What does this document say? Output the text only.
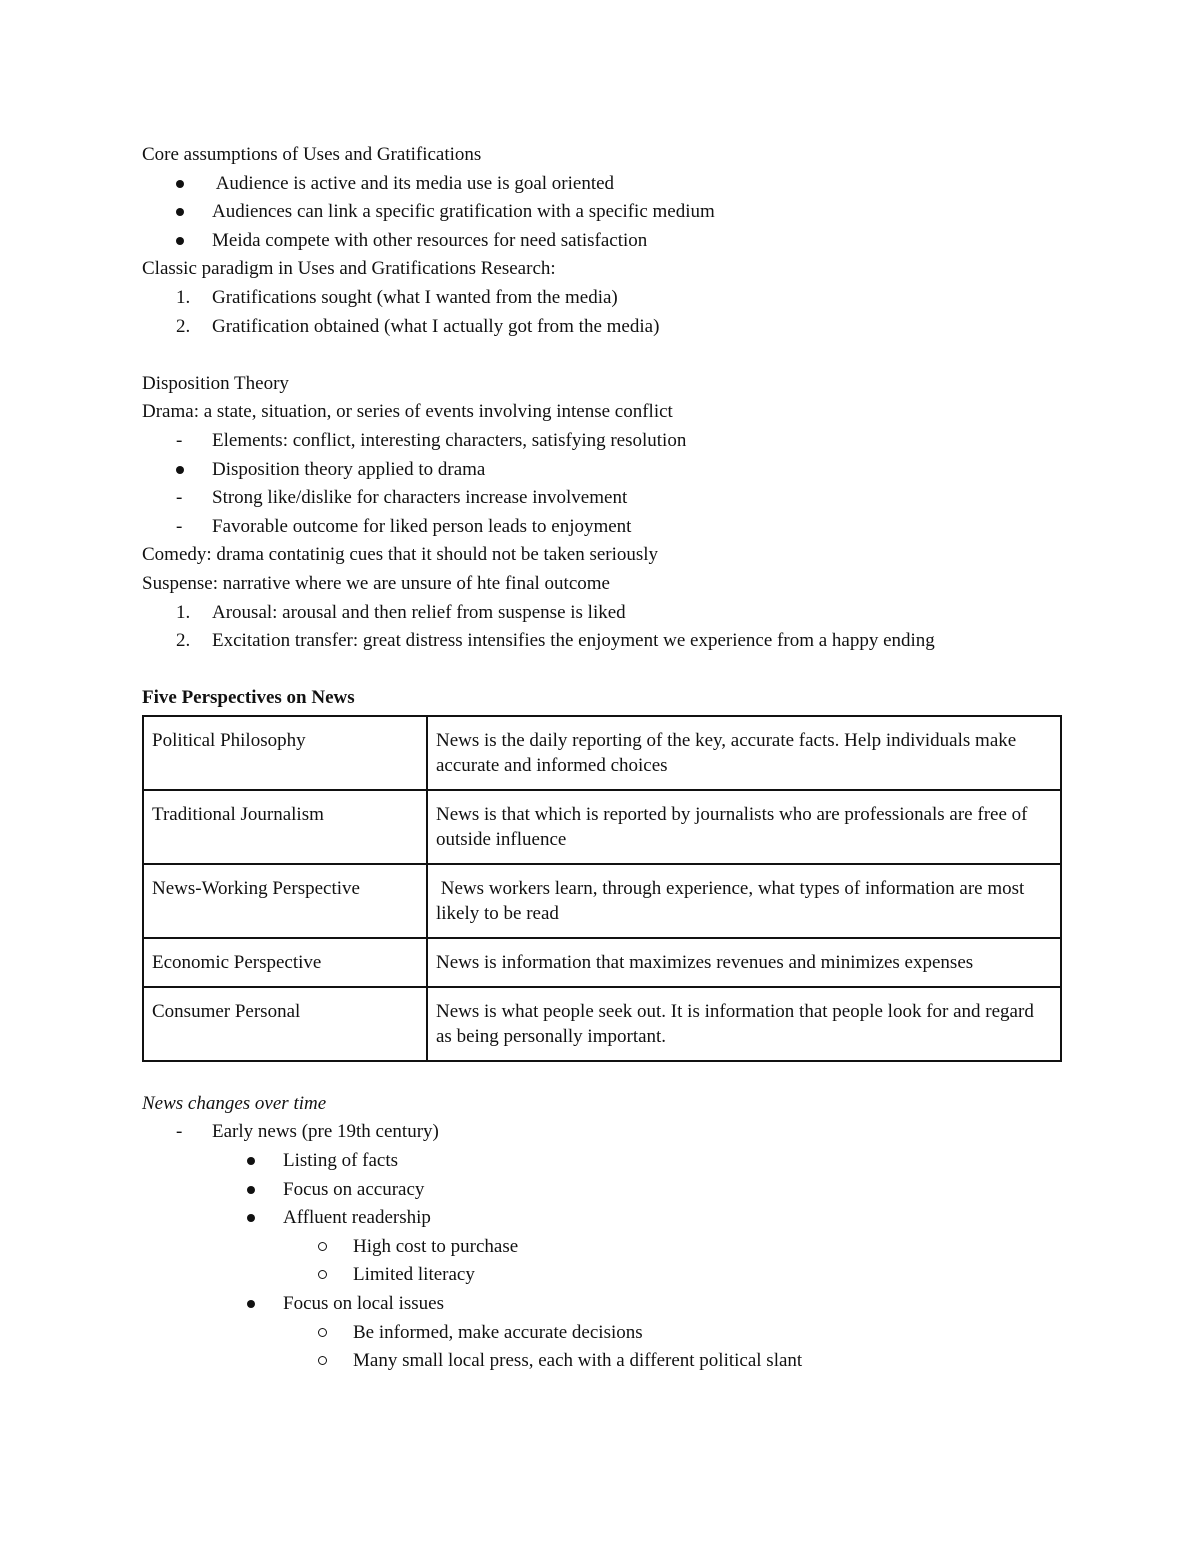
Core assumptions of Uses and Gratifications
Audience is active and its media use is goal oriented
Audiences can link a specific gratification with a specific medium
Meida compete with other resources for need satisfaction
Classic paradigm in Uses and Gratifications Research:
1.	Gratifications sought (what I wanted from the media)
2.	Gratification obtained (what I actually got from the media)
Disposition Theory
Drama: a state, situation, or series of events involving intense conflict
- Elements: conflict, interesting characters, satisfying resolution
Disposition theory applied to drama
- Strong like/dislike for characters increase involvement
- Favorable outcome for liked person leads to enjoyment
Comedy: drama contatinig cues that it should not be taken seriously
Suspense: narrative where we are unsure of hte final outcome
1.	Arousal: arousal and then relief from suspense is liked
2.	Excitation transfer: great distress intensifies the enjoyment we experience from a happy ending
Five Perspectives on News
Political Philosophy	News is the daily reporting of the key, accurate facts. Help individuals make accurate and informed choices
Traditional Journalism	News is that which is reported by journalists who are professionals are free of outside influence
News-Working Perspective	News workers learn, through experience, what types of information are most likely to be read
Economic Perspective	News is information that maximizes revenues and minimizes expenses
Consumer Personal	News is what people seek out. It is information that people look for and regard as being personally important.
News changes over time
- Early news (pre 19th century)
Listing of facts
Focus on accuracy
Affluent readership
High cost to purchase
Limited literacy
Focus on local issues
Be informed, make accurate decisions
Many small local press, each with a different political slant
